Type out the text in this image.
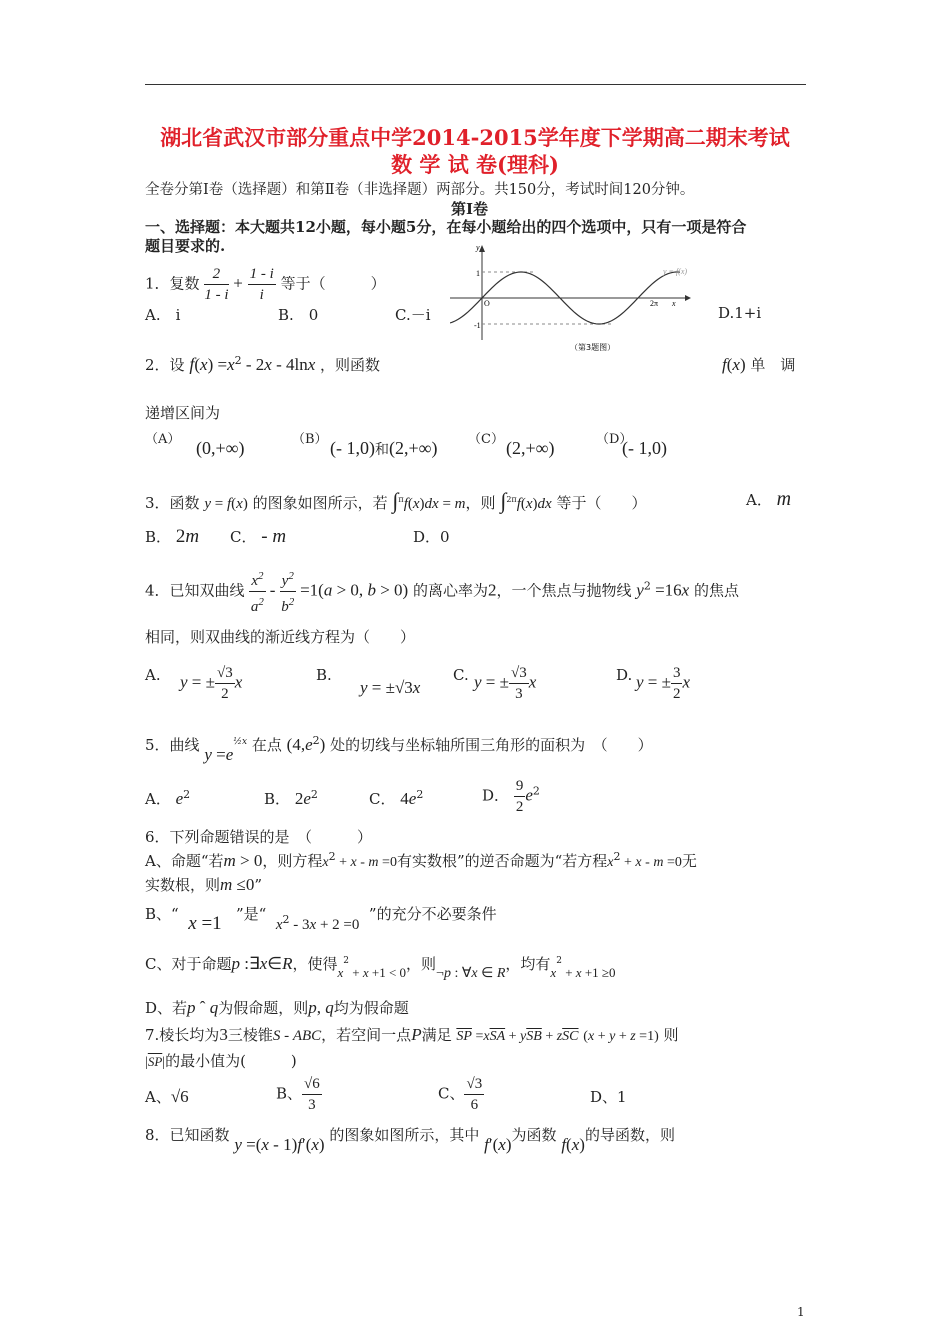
湖北省武汉市部分重点中学2014-2015学年度下学期高二期末考试
数 学 试 卷(理科)
全卷分第Ⅰ卷（选择题）和第Ⅱ卷（非选择题）两部分。共150分，考试时间120分钟。
第Ⅰ卷
一、选择题：本大题共12小题，每小题5分，在每小题给出的四个选项中，只有一项是符合
题目要求的.
1．复数 $\frac{2}{1 - i} + \frac{1 - i}{i}$ 等于（　　　）
A.　i	B.　0	C.－i	D.1+i
1
-1
O	2π x
y
y = f(x)
（第3题图）
2．设 $f(x) =x^2 - 2x - 4\ln x$ ，则函数	f(x) 单　调
递增区间为
（A） (0,+∞)	（B） (- 1,0)和(2,+∞) （C） (2,+∞)	（D）
(- 1,0)
3．函数 y = f(x) 的图象如图所示，若 ∫$^\pi$f(x)dx = m，则 ∫$^{2\pi}$f(x)dx 等于（　　）	A． m
B． 2m C． - m	D．0
4．已知双曲线 $\frac{x^2}{a^2} - \frac{y^2}{b^2} =1(a > 0$, b > 0) 的离心率为2，一个焦点与抛物线 $y^2 =16x$ 的焦点
相同，则双曲线的渐近线方程为（　　）
A. y = ± $\frac{√3}{2}$ x	B.
y = ±√3x
C. y = ± $\frac{√3}{3}$ x	D. y = ± $\frac{3}{2}$ x
5．曲线 $y =e^{\frac{1}{2}x}$ 在点 $(4,e^2)$ 处的切线与坐标轴所围三角形的面积为　（　　）
A． $e^2$	B． $2e^2$	C． $4e^2$	D． $\frac{9}{2} e^2$
6．下列命题错误的是　（　　　）
A、命题“若m > 0，则方程$x^2 + x - m =0$有实数根”的逆否命题为“若方程$x^2 + x - m =0$无
实数根，则m ≤0”
B、“ x =1 ”是“  $x^2 - 3x + 2 =0$  ”的充分不必要条件
C、对于命题p :∃x∈R，使得$x^2 + x +1 < 0$，则¬p : ∀x ∈ R，均有$x^2 + x +1 \ge 0$
D、若p ˆ q为假命题，则p, q均为假命题
7.棱长均为3三棱锥S - ABC，若空间一点P满足 $\overline{SP} =x\overline{SA} + y\overline{SB} + z\overline{SC}$ (x + y + z =1) 则
$|\overline{SP}|$的最小值为(　　　)
A、√6	B、 $\frac{√6}{3}$	C、 $\frac{√3}{6}$	D、1
8．已知函数 y =(x - 1)f′(x) 的图象如图所示，其中 f′(x)为函数 f(x)的导函数，则
1
